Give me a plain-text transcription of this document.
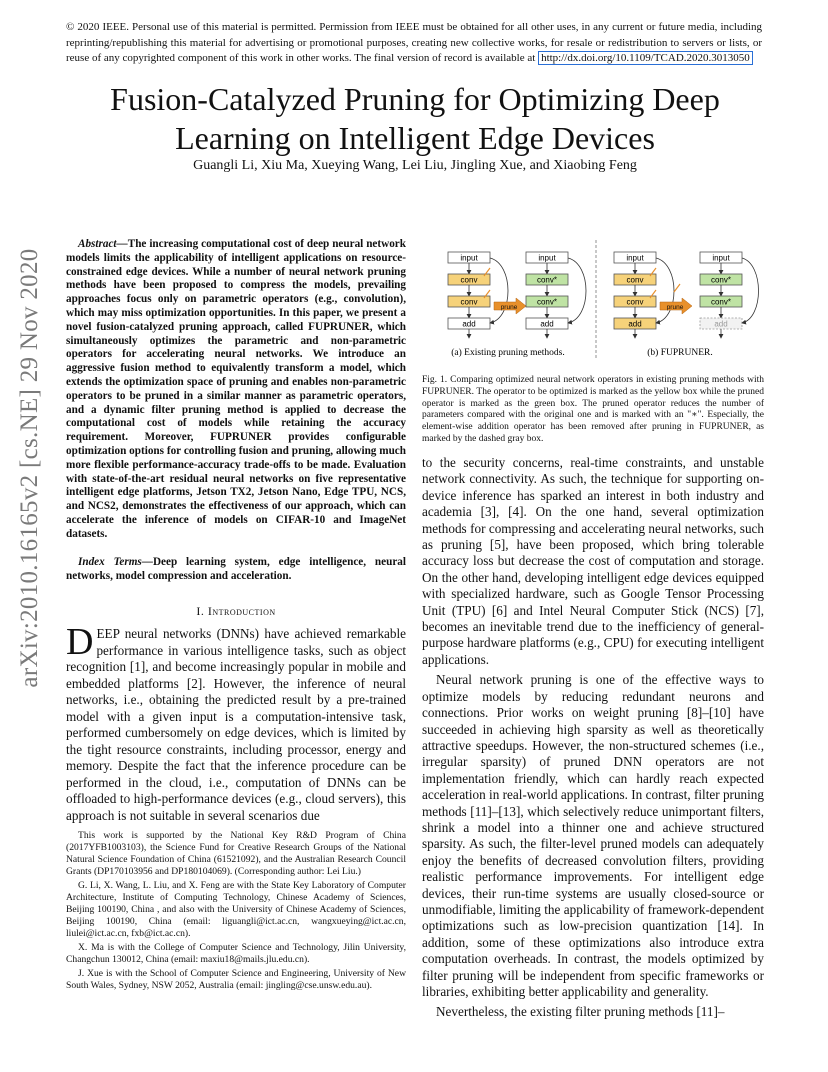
© 2020 IEEE. Personal use of this material is permitted. Permission from IEEE must be obtained for all other uses, in any current or future media, including reprinting/republishing this material for advertising or promotional purposes, creating new collective works, for resale or redistribution to servers or lists, or reuse of any copyrighted component of this work in other works. The final version of record is available at http://dx.doi.org/10.1109/TCAD.2020.3013050
Fusion-Catalyzed Pruning for Optimizing Deep Learning on Intelligent Edge Devices
Guangli Li, Xiu Ma, Xueying Wang, Lei Liu, Jingling Xue, and Xiaobing Feng
arXiv:2010.16165v2 [cs.NE] 29 Nov 2020
Abstract—The increasing computational cost of deep neural network models limits the applicability of intelligent applications on resource-constrained edge devices. While a number of neural network pruning methods have been proposed to compress the models, prevailing approaches focus only on parametric operators (e.g., convolution), which may miss optimization opportunities. In this paper, we present a novel fusion-catalyzed pruning approach, called FUPRUNER, which simultaneously optimizes the parametric and non-parametric operators for accelerating neural networks. We introduce an aggressive fusion method to equivalently transform a model, which extends the optimization space of pruning and enables non-parametric operators to be pruned in a similar manner as parametric operators, and a dynamic filter pruning method is applied to decrease the computational cost of models while retaining the accuracy requirement. Moreover, FUPRUNER provides configurable optimization options for controlling fusion and pruning, allowing much more flexible performance-accuracy trade-offs to be made. Evaluation with state-of-the-art residual neural networks on five representative intelligent edge platforms, Jetson TX2, Jetson Nano, Edge TPU, NCS, and NCS2, demonstrates the effectiveness of our approach, which can accelerate the inference of models on CIFAR-10 and ImageNet datasets.
Index Terms—Deep learning system, edge intelligence, neural networks, model compression and acceleration.
I. Introduction
DEEP neural networks (DNNs) have achieved remarkable performance in various intelligence tasks, such as object recognition [1], and become increasingly popular in mobile and embedded platforms [2]. However, the inference of neural networks, i.e., obtaining the predicted result by a pre-trained model with a given input is a computation-intensive task, performed cumbersomely on edge devices, which is limited by the tight resource constraints, including processor, energy and memory. Despite the fact that the inference procedure can be performed in the cloud, i.e., computation of DNNs can be offloaded to high-performance devices (e.g., cloud servers), this approach is not suitable in several scenarios due

This work is supported by the National Key R&D Program of China (2017YFB1003103), the Science Fund for Creative Research Groups of the National Natural Science Foundation of China (61521092), and the Australian Research Council Grants (DP170103956 and DP180104069). (Corresponding author: Lei Liu.)

G. Li, X. Wang, L. Liu, and X. Feng are with the State Key Laboratory of Computer Architecture, Institute of Computing Technology, Chinese Academy of Sciences, Beijing 100190, China , and also with the University of Chinese Academy of Sciences, Beijing 100190, China (email: liguangli@ict.ac.cn, wangxueying@ict.ac.cn, liulei@ict.ac.cn, fxb@ict.ac.cn).

X. Ma is with the College of Computer Science and Technology, Jilin University, Changchun 130012, China (email: maxiu18@mails.jlu.edu.cn).

J. Xue is with the School of Computer Science and Engineering, University of New South Wales, Sydney, NSW 2052, Australia (email: jingling@cse.unsw.edu.au).

input
conv
conv
add
prune
input
conv*
conv*
add
(a) Existing pruning methods.
input
conv
conv
add
prune
input
conv*
conv*
add
(b) FUPRUNER.
Fig. 1. Comparing optimized neural network operators in existing pruning methods with FUPRUNER. The operator to be optimized is marked as the yellow box while the pruned operator is marked as the green box. The pruned operator reduces the number of parameters compared with the original one and is marked with an "∗". Especially, the element-wise addition operator has been removed after pruning in FUPRUNER, as marked by the dashed gray box.

to the security concerns, real-time constraints, and unstable network connectivity. As such, the technique for supporting on-device inference has sparked an interest in both industry and academia [3], [4]. On the one hand, several optimization methods for compressing and accelerating neural networks, such as pruning [5], have been proposed, which bring tolerable accuracy loss but decrease the cost of computation and storage. On the other hand, developing intelligent edge devices equipped with specialized hardware, such as Google Tensor Processing Unit (TPU) [6] and Intel Neural Computer Stick (NCS) [7], becomes an inevitable trend due to the inefficiency of general-purpose hardware platforms (e.g., CPU) for executing intelligent applications.

Neural network pruning is one of the effective ways to optimize models by reducing redundant neurons and connections. Prior works on weight pruning [8]–[10] have succeeded in achieving high sparsity as well as theoretically attractive speedups. However, the non-structured schemes (i.e., irregular sparsity) of pruned DNN operators are not implementation friendly, which can hardly reach expected acceleration in real-world applications. In contrast, filter pruning methods [11]–[13], which selectively reduce unimportant filters, shrink a model into a thinner one and achieve structured sparsity. As such, the filter-level pruned models can adequately enjoy the benefits of decreased convolution filters, providing realistic performance improvements. For intelligent edge devices, their run-time systems are usually closed-source or unmodifiable, limiting the applicability of framework-dependent optimizations such as low-precision quantization [14]. In addition, some of these optimizations also introduce extra computation overheads. In contrast, the models optimized by filter pruning will be independent from specific frameworks or libraries, exhibiting better applicability and generality.

Nevertheless, the existing filter pruning methods [11]–
